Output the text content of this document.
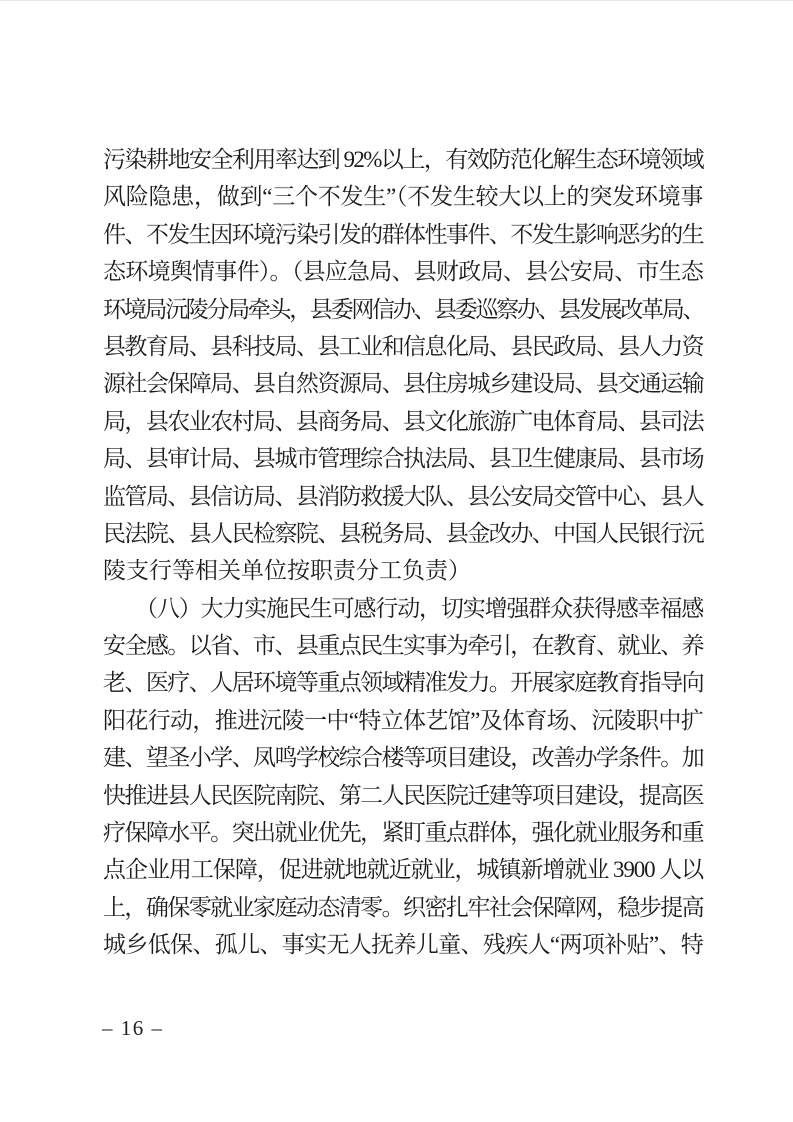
污染耕地安全利用率达到 92%以上，有效防范化解生态环境领域
风险隐患，做到“三个不发生”（不发生较大以上的突发环境事
件、不发生因环境污染引发的群体性事件、不发生影响恶劣的生
态环境舆情事件）。（县应急局、县财政局、县公安局、市生态
环境局沅陵分局牵头，县委网信办、县委巡察办、县发展改革局、
县教育局、县科技局、县工业和信息化局、县民政局、县人力资
源社会保障局、县自然资源局、县住房城乡建设局、县交通运输
局，县农业农村局、县商务局、县文化旅游广电体育局、县司法
局、县审计局、县城市管理综合执法局、县卫生健康局、县市场
监管局、县信访局、县消防救援大队、县公安局交管中心、县人
民法院、县人民检察院、县税务局、县金改办、中国人民银行沅
陵支行等相关单位按职责分工负责）
（八）大力实施民生可感行动，切实增强群众获得感幸福感
安全感。以省、市、县重点民生实事为牵引，在教育、就业、养
老、医疗、人居环境等重点领域精准发力。开展家庭教育指导向
阳花行动，推进沅陵一中“特立体艺馆”及体育场、沅陵职中扩
建、望圣小学、凤鸣学校综合楼等项目建设，改善办学条件。加
快推进县人民医院南院、第二人民医院迁建等项目建设，提高医
疗保障水平。突出就业优先，紧盯重点群体，强化就业服务和重
点企业用工保障，促进就地就近就业，城镇新增就业 3900 人以
上，确保零就业家庭动态清零。织密扎牢社会保障网，稳步提高
城乡低保、孤儿、事实无人抚养儿童、残疾人“两项补贴”、特
– 16 –
